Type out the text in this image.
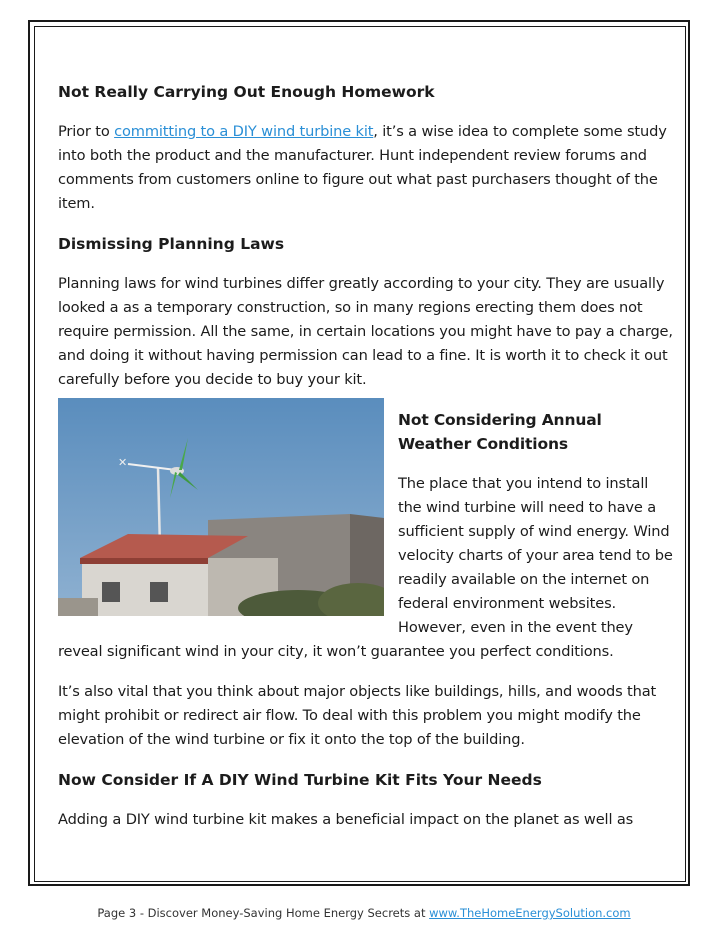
Not Really Carrying Out Enough Homework

Prior to committing to a DIY wind turbine kit, it’s a wise idea to complete some study into both the product and the manufacturer. Hunt independent review forums and comments from customers online to figure out what past purchasers thought of the item.

Dismissing Planning Laws

Planning laws for wind turbines differ greatly according to your city. They are usually looked a as a temporary construction, so in many regions erecting them does not require permission. All the same, in certain locations you might have to pay a charge, and doing it without having permission can lead to a fine. It is worth it to check it out carefully before you decide to buy your kit.

✕
Not Considering Annual Weather Conditions

The place that you intend to install the wind turbine will need to have a sufficient supply of wind energy. Wind velocity charts of your area tend to be readily available on the internet on federal environment websites. However, even in the event they reveal significant wind in your city, it won’t guarantee you perfect conditions.

It’s also vital that you think about major objects like buildings, hills, and woods that might prohibit or redirect air flow. To deal with this problem you might modify the elevation of the wind turbine or fix it onto the top of the building.

Now Consider If A DIY Wind Turbine Kit Fits Your Needs

Adding a DIY wind turbine kit makes a beneficial impact on the planet as well as

Page 3 - Discover Money-Saving Home Energy Secrets at www.TheHomeEnergySolution.com
